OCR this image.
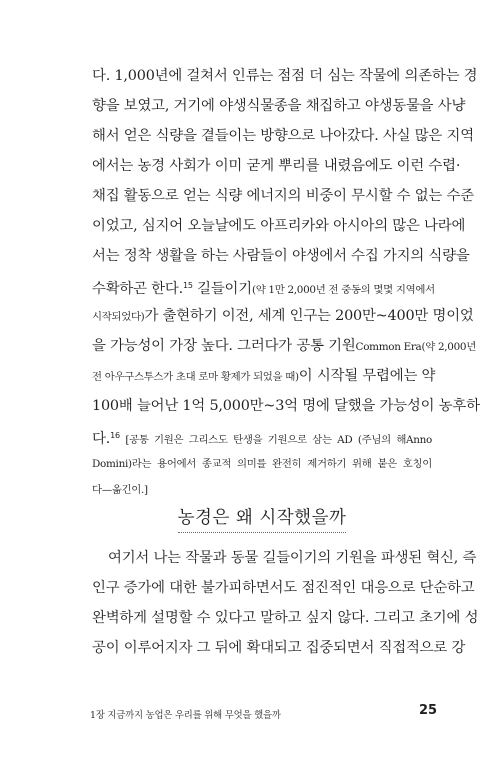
다. 1,000년에 걸쳐서 인류는 점점 더 심는 작물에 의존하는 경
향을 보였고, 거기에 야생식물종을 채집하고 야생동물을 사냥
해서 얻은 식량을 곁들이는 방향으로 나아갔다. 사실 많은 지역
에서는 농경 사회가 이미 굳게 뿌리를 내렸음에도 이런 수렵·
채집 활동으로 얻는 식량 에너지의 비중이 무시할 수 없는 수준
이었고, 심지어 오늘날에도 아프리카와 아시아의 많은 나라에
서는 정착 생활을 하는 사람들이 야생에서 수집 가지의 식량을
수확하곤 한다.$^{15}$ 길들이기(약 1만 2,000년 전 중동의 몇몇 지역에서
시작되었다)가 출현하기 이전, 세계 인구는 200만~400만 명이었
을 가능성이 가장 높다. 그러다가 공통 기원Common Era(약 2,000년
전 아우구스투스가 초대 로마 황제가 되었을 때)이 시작될 무렵에는 약
100배 늘어난 1억 5,000만~3억 명에 달했을 가능성이 농후하
다.$^{16}$ [공통 기원은 그리스도 탄생을 기원으로 삼는 AD (주님의 해Anno
Domini)라는 용어에서 종교적 의미를 완전히 제거하기 위해 붙은 호칭이
다—옮긴이.]
농경은 왜 시작했을까
여기서 나는 작물과 동물 길들이기의 기원을 파생된 혁신, 즉
인구 증가에 대한 불가피하면서도 점진적인 대응으로 단순하고
완벽하게 설명할 수 있다고 말하고 싶지 않다. 그리고 초기에 성
공이 이루어지자 그 뒤에 확대되고 집중되면서 직접적으로 강
1장 지금까지 농업은 우리를 위해 무엇을 했을까	25
